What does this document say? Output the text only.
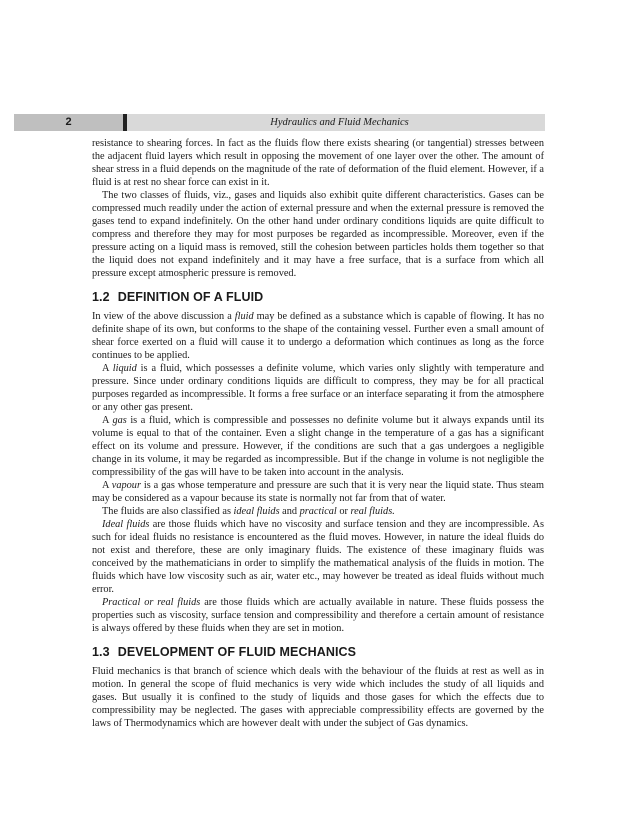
2	Hydraulics and Fluid Mechanics

resistance to shearing forces. In fact as the fluids flow there exists shearing (or tangential) stresses between the adjacent fluid layers which result in opposing the movement of one layer over the other. The amount of shear stress in a fluid depends on the magnitude of the rate of deformation of the fluid element. However, if a fluid is at rest no shear force can exist in it.

The two classes of fluids, viz., gases and liquids also exhibit quite different characteristics. Gases can be compressed much readily under the action of external pressure and when the external pressure is removed the gases tend to expand indefinitely. On the other hand under ordinary conditions liquids are quite difficult to compress and therefore they may for most purposes be regarded as incompressible. Moreover, even if the pressure acting on a liquid mass is removed, still the cohesion between particles holds them together so that the liquid does not expand indefinitely and it may have a free surface, that is a surface from which all pressure except atmospheric pressure is removed.

1.2 DEFINITION OF A FLUID

In view of the above discussion a fluid may be defined as a substance which is capable of flowing. It has no definite shape of its own, but conforms to the shape of the containing vessel. Further even a small amount of shear force exerted on a fluid will cause it to undergo a deformation which continues as long as the force continues to be applied.

A liquid is a fluid, which possesses a definite volume, which varies only slightly with temperature and pressure. Since under ordinary conditions liquids are difficult to compress, they may be for all practical purposes regarded as incompressible. It forms a free surface or an interface separating it from the atmosphere or any other gas present.

A gas is a fluid, which is compressible and possesses no definite volume but it always expands until its volume is equal to that of the container. Even a slight change in the temperature of a gas has a significant effect on its volume and pressure. However, if the conditions are such that a gas undergoes a negligible change in its volume, it may be regarded as incompressible. But if the change in volume is not negligible the compressibility of the gas will have to be taken into account in the analysis.

A vapour is a gas whose temperature and pressure are such that it is very near the liquid state. Thus steam may be considered as a vapour because its state is normally not far from that of water.

The fluids are also classified as ideal fluids and practical or real fluids.

Ideal fluids are those fluids which have no viscosity and surface tension and they are incompressible. As such for ideal fluids no resistance is encountered as the fluid moves. However, in nature the ideal fluids do not exist and therefore, these are only imaginary fluids. The existence of these imaginary fluids was conceived by the mathematicians in order to simplify the mathematical analysis of the fluids in motion. The fluids which have low viscosity such as air, water etc., may however be treated as ideal fluids without much error.

Practical or real fluids are those fluids which are actually available in nature. These fluids possess the properties such as viscosity, surface tension and compressibility and therefore a certain amount of resistance is always offered by these fluids when they are set in motion.

1.3 DEVELOPMENT OF FLUID MECHANICS

Fluid mechanics is that branch of science which deals with the behaviour of the fluids at rest as well as in motion. In general the scope of fluid mechanics is very wide which includes the study of all liquids and gases. But usually it is confined to the study of liquids and those gases for which the effects due to compressibility may be neglected. The gases with appreciable compressibility effects are governed by the laws of Thermodynamics which are however dealt with under the subject of Gas dynamics.
